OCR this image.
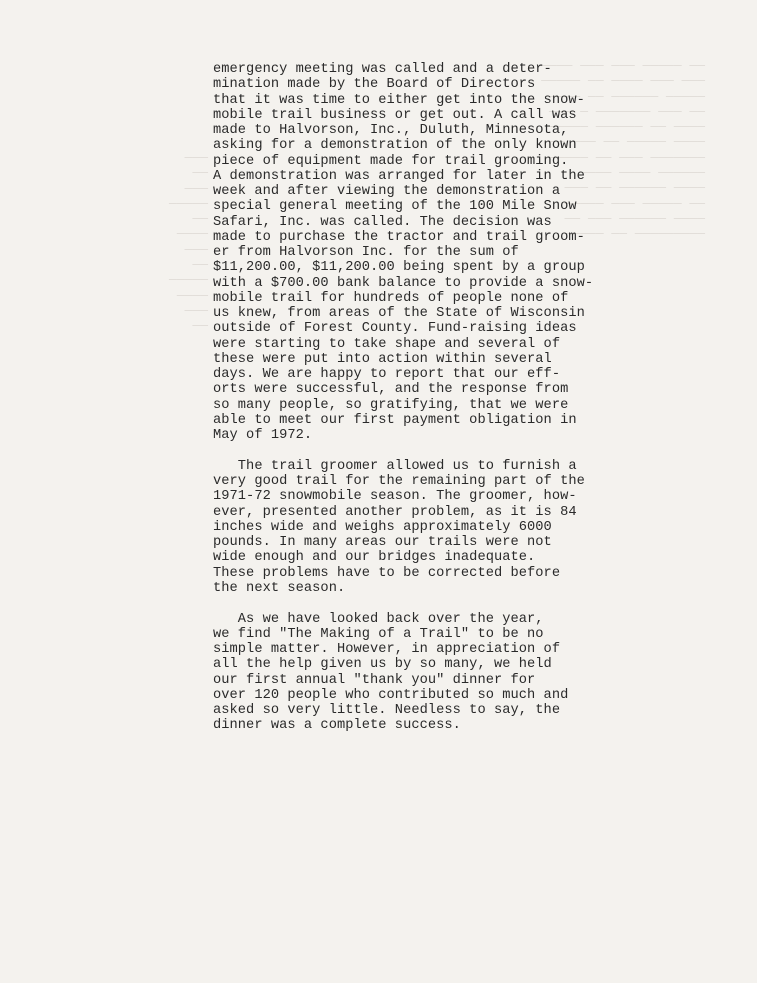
―― ――――― ――― ――― ――――
――― ――― ―――― ―― ―――――
――――― ―――――― ―― ――――
―― ――― ――――――― ― ―――
―――― ―― ―――――― ―――――
―――― ――――― ―― ――― ――
――――――― ――― ―― ―――――
―――――― ―――― ――――
―――― ―――――― ―― ―――
―― ――――― ――― ―――――
―――― ―――――― ――― ――
――――――――― ―― ―――――
―――
――
―――
―――――
――
――――
―――
――
―――――
――――
―――
――
emergency meeting was called and a deter-
mination made by the Board of Directors
that it was time to either get into the snow-
mobile trail business or get out. A call was
made to Halvorson, Inc., Duluth, Minnesota,
asking for a demonstration of the only known
piece of equipment made for trail grooming.
A demonstration was arranged for later in the
week and after viewing the demonstration a
special general meeting of the 100 Mile Snow
Safari, Inc. was called. The decision was
made to purchase the tractor and trail groom-
er from Halvorson Inc. for the sum of
$11,200.00, $11,200.00 being spent by a group
with a $700.00 bank balance to provide a snow-
mobile trail for hundreds of people none of
us knew, from areas of the State of Wisconsin
outside of Forest County. Fund-raising ideas
were starting to take shape and several of
these were put into action within several
days. We are happy to report that our eff-
orts were successful, and the response from
so many people, so gratifying, that we were
able to meet our first payment obligation in
May of 1972.
The trail groomer allowed us to furnish a
very good trail for the remaining part of the
1971-72 snowmobile season. The groomer, how-
ever, presented another problem, as it is 84
inches wide and weighs approximately 6000
pounds. In many areas our trails were not
wide enough and our bridges inadequate.
These problems have to be corrected before
the next season.
As we have looked back over the year,
we find "The Making of a Trail" to be no
simple matter. However, in appreciation of
all the help given us by so many, we held
our first annual "thank you" dinner for
over 120 people who contributed so much and
asked so very little. Needless to say, the
dinner was a complete success.
